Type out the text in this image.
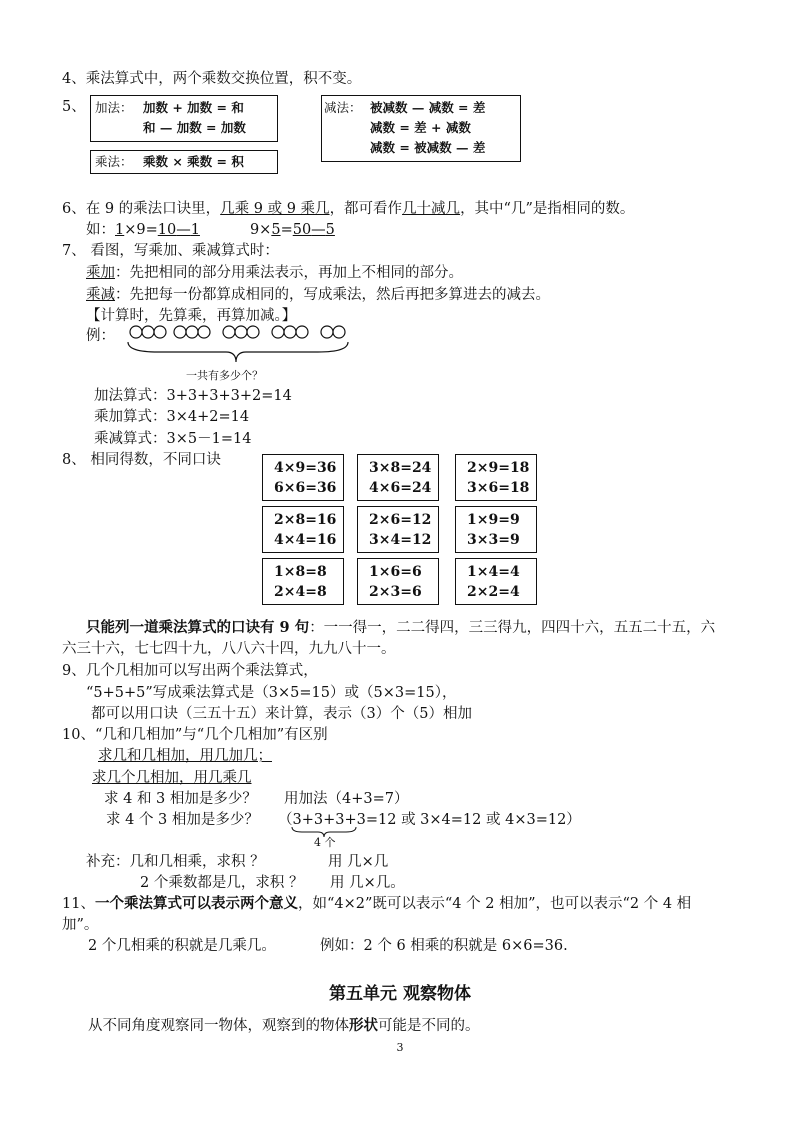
4、乘法算式中，两个乘数交换位置，积不变。
5、 加法： 加数 + 加数 = 和
和 — 加数 = 加数
减法： 被减数 — 减数 = 差
减数 = 差 + 减数
减数 = 被减数 — 差
乘法： 乘数 × 乘数 = 积
6、在 9 的乘法口诀里，几乘 9 或 9 乘几，都可看作几十减几，其中“几”是指相同的数。
如：1×9=10—1	9×5=50—5
7、 看图，写乘加、乘减算式时：
乘加：先把相同的部分用乘法表示，再加上不相同的部分。
乘减：先把每一份都算成相同的，写成乘法，然后再把多算进去的减去。
【计算时，先算乘，再算加减。】
例：
一共有多少个？
加法算式：3+3+3+3+2=14
乘加算式：3×4+2=14
乘减算式：3×5－1=14
8、 相同得数，不同口诀	4×9=36
6×6=36
3×8=24
4×6=24
2×9=18
3×6=18
2×8=16
4×4=16
2×6=12
3×4=12
1×9=9
3×3=9
1×8=8
2×4=8
1×6=6
2×3=6
1×4=4
2×2=4
只能列一道乘法算式的口诀有 9 句：一一得一，二二得四，三三得九，四四十六，五五二十五，六
六三十六，七七四十九，八八六十四，九九八十一。
9、几个几相加可以写出两个乘法算式，
“5+5+5”写成乘法算式是（3×5=15）或（5×3=15），
都可以用口诀（三五十五）来计算，表示（3）个（5）相加
10、“几和几相加”与“几个几相加”有区别
求几和几相加，用几加几；
求几个几相加，用几乘几
求 4 和 3 相加是多少？ 用加法（4+3=7）
求 4 个 3 相加是多少？ （3+3+3+3=12 或 3×4=12 或 4×3=12）
4 个
补充：几和几相乘，求积 ？	用 几×几
2 个乘数都是几，求积 ？ 用 几×几。
11、一个乘法算式可以表示两个意义，如“4×2”既可以表示“4 个 2 相加”，也可以表示“2 个 4 相
加”。
2 个几相乘的积就是几乘几。	例如：2 个 6 相乘的积就是 6×6=36.
第五单元 观察物体
从不同角度观察同一物体，观察到的物体形状可能是不同的。
3
